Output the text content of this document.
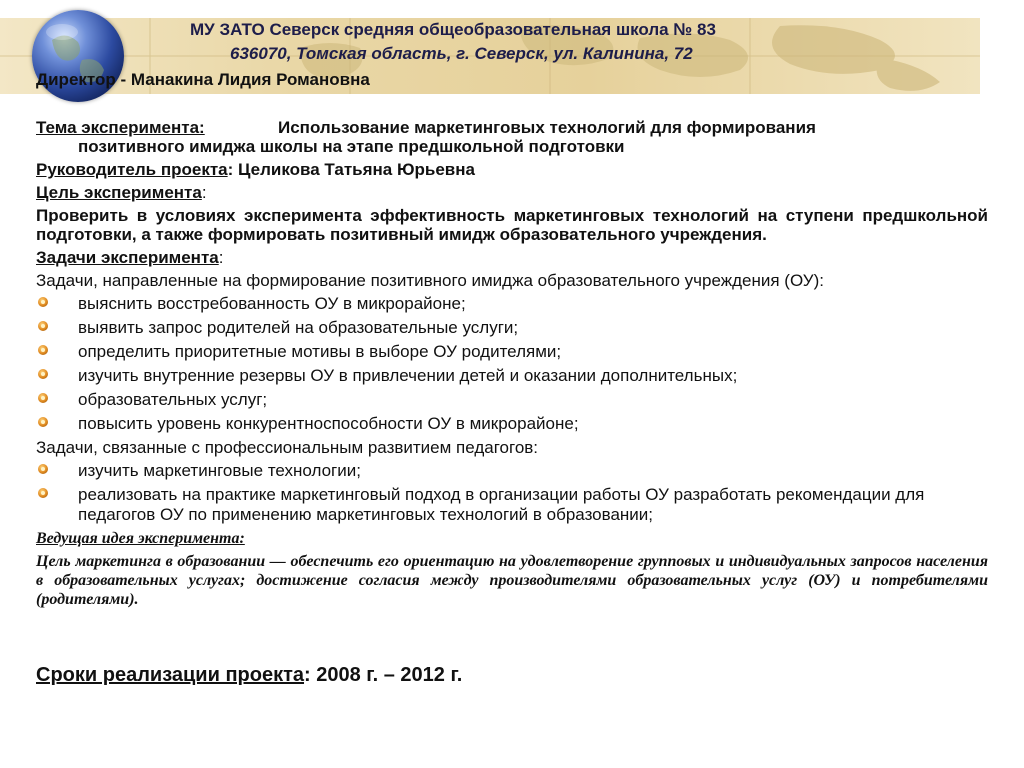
МУ ЗАТО Северск средняя общеобразовательная школа № 83
636070, Томская область, г. Северск, ул. Калинина, 72
Директор - Манакина Лидия Романовна
Тема эксперимента:	Использование маркетинговых технологий для формирования
позитивного имиджа школы на этапе предшкольной подготовки
Руководитель проекта: Целикова Татьяна Юрьевна
Цель эксперимента:
Проверить в условиях эксперимента эффективность маркетинговых технологий на ступени предшкольной подготовки, а также формировать позитивный имидж образовательного учреждения.
Задачи эксперимента:
Задачи, направленные на формирование позитивного имиджа образовательного учреждения (ОУ):
выяснить восстребованность ОУ в микрорайоне;
выявить запрос родителей на образовательные услуги;
определить приоритетные мотивы в выборе ОУ родителями;
изучить внутренние резервы ОУ в привлечении детей и оказании дополнительных;
образовательных услуг;
повысить уровень конкурентноспособности ОУ в микрорайоне;
Задачи, связанные с профессиональным развитием педагогов:
изучить маркетинговые технологии;
реализовать на практике маркетинговый подход в организации работы ОУ разработать рекомендации для педагогов ОУ по применению маркетинговых технологий в образовании;
Ведущая идея эксперимента:
Цель маркетинга в образовании — обеспечить его ориентацию на удовлетворение групповых и индивидуальных запросов населения в образовательных услугах; достижение согласия между производителями образовательных услуг (ОУ) и потребителями (родителями).
Сроки реализации проекта: 2008 г. – 2012 г.
